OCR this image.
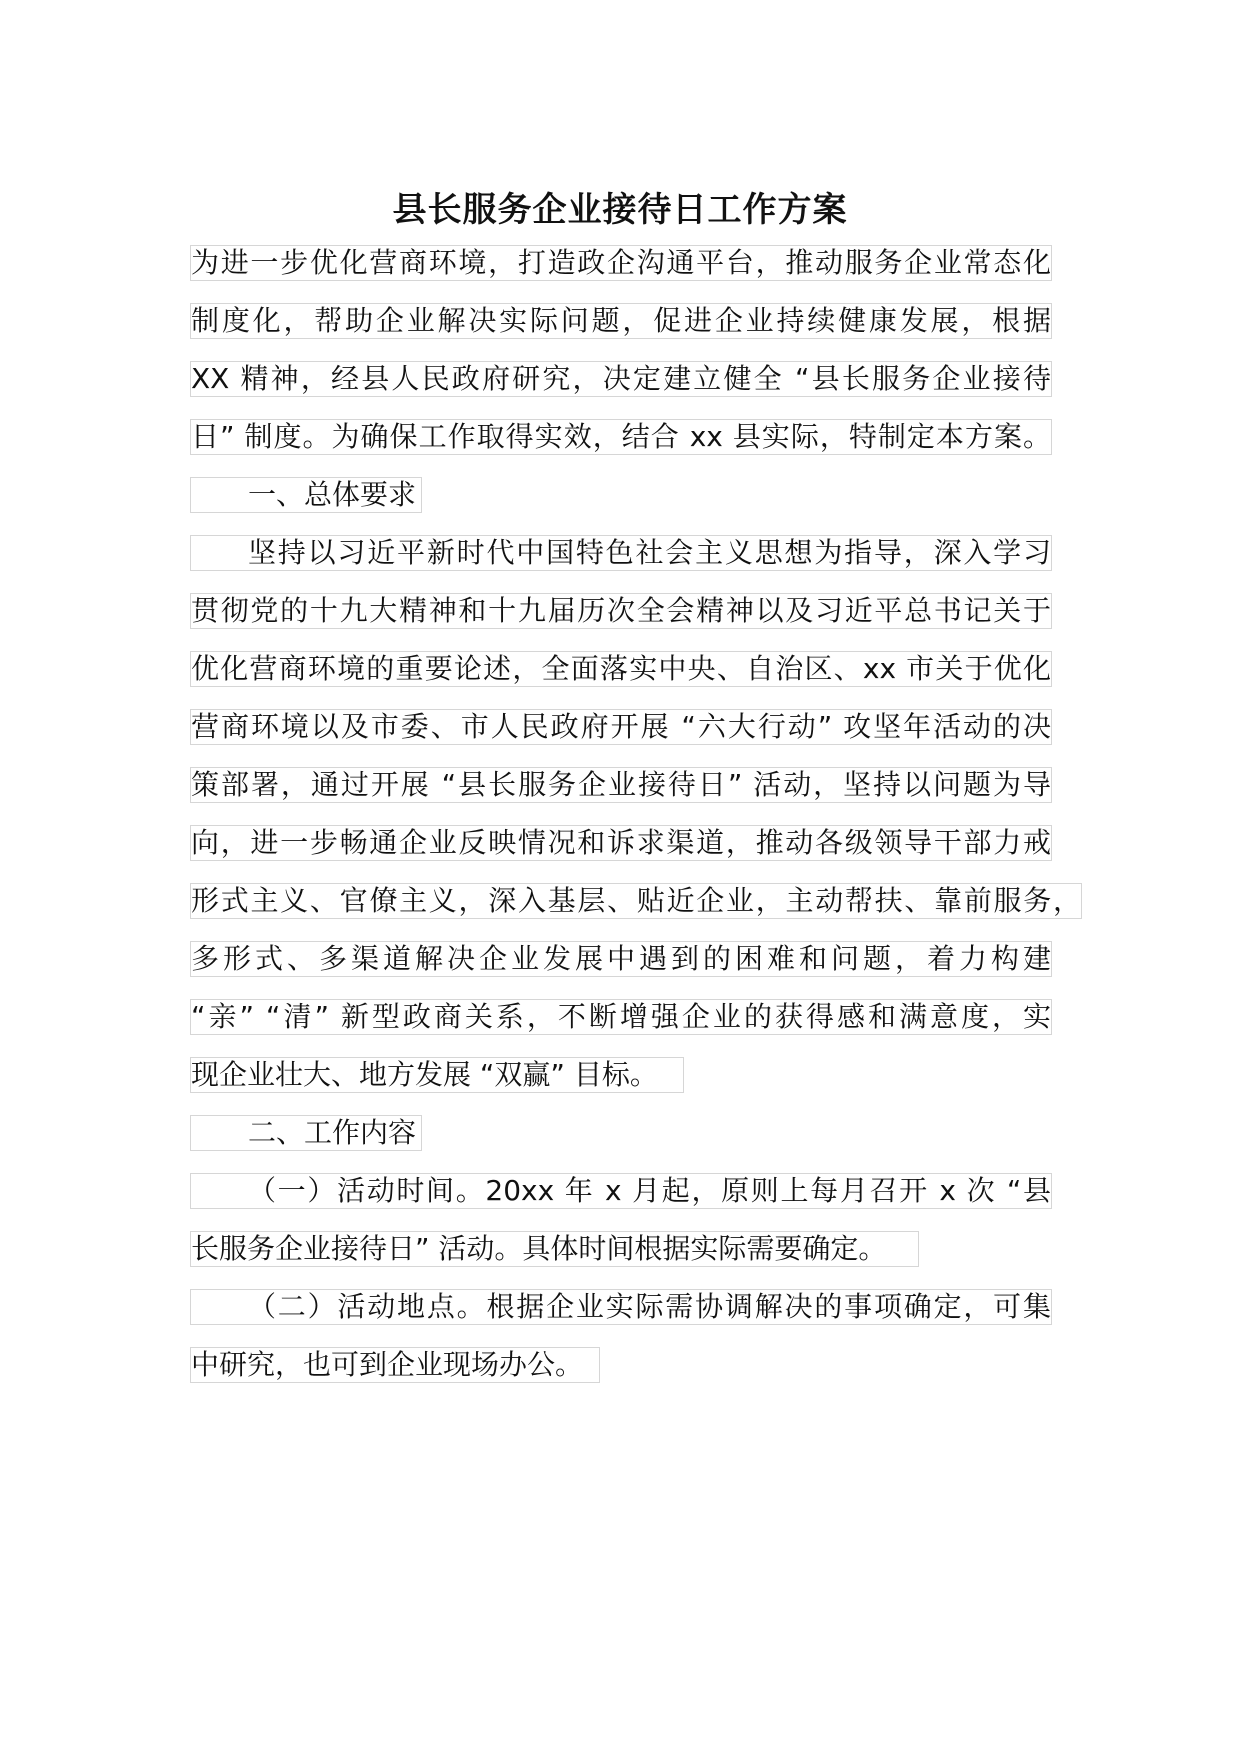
县长服务企业接待日工作方案
为进一步优化营商环境，打造政企沟通平台，推动服务企业常态化
制度化，帮助企业解决实际问题，促进企业持续健康发展，根据
XX 精神，经县人民政府研究，决定建立健全 “县长服务企业接待
日” 制度。为确保工作取得实效，结合 xx 县实际，特制定本方案。
一、总体要求
坚持以习近平新时代中国特色社会主义思想为指导，深入学习
贯彻党的十九大精神和十九届历次全会精神以及习近平总书记关于
优化营商环境的重要论述，全面落实中央、自治区、xx 市关于优化
营商环境以及市委、市人民政府开展 “六大行动” 攻坚年活动的决
策部署，通过开展 “县长服务企业接待日” 活动，坚持以问题为导
向，进一步畅通企业反映情况和诉求渠道，推动各级领导干部力戒
形式主义、官僚主义，深入基层、贴近企业，主动帮扶、靠前服务，
多形式、多渠道解决企业发展中遇到的困难和问题，着力构建
“亲” “清” 新型政商关系，不断增强企业的获得感和满意度，实
现企业壮大、地方发展 “双赢” 目标。
二、工作内容
（一）活动时间。20xx 年 x 月起，原则上每月召开 x 次 “县
长服务企业接待日” 活动。具体时间根据实际需要确定。
（二）活动地点。根据企业实际需协调解决的事项确定，可集
中研究，也可到企业现场办公。
